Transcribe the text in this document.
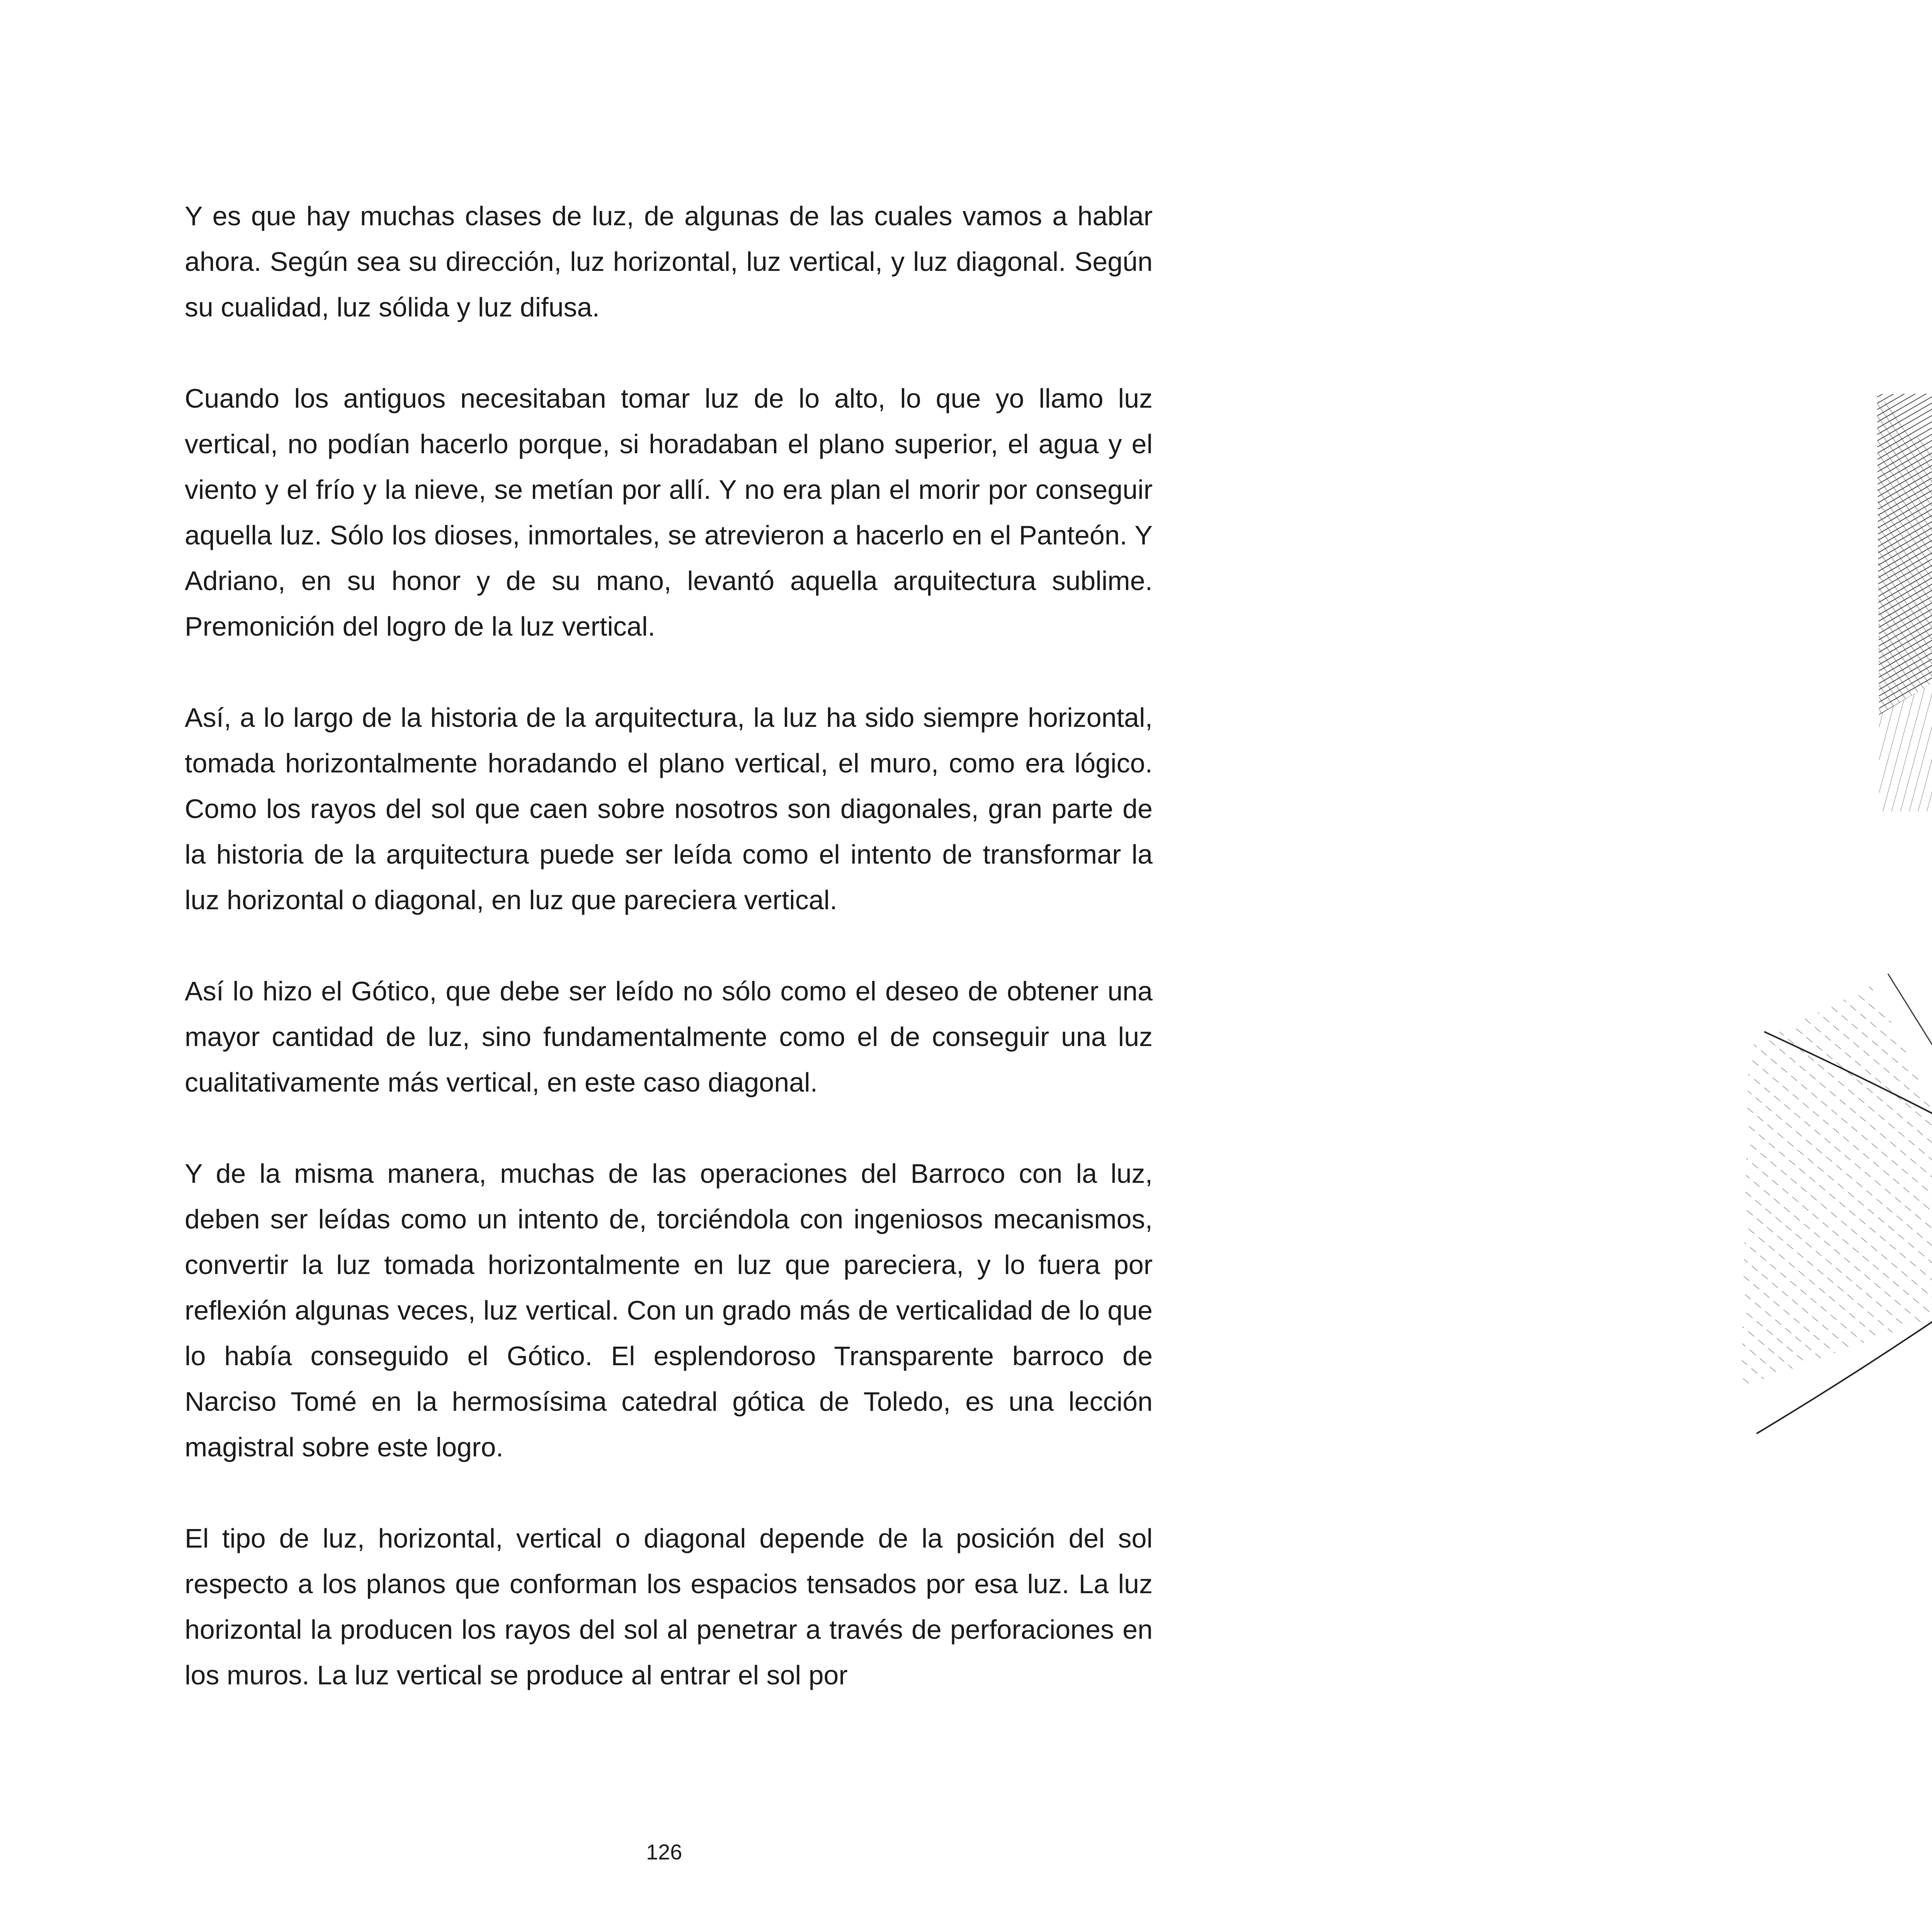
Y es que hay muchas clases de luz, de algunas de las cuales vamos a hablar ahora. Según sea su dirección, luz horizontal, luz vertical, y luz diagonal. Según su cualidad, luz sólida y luz difusa.

Cuando los antiguos necesitaban tomar luz de lo alto, lo que yo llamo luz vertical, no podían hacerlo porque, si horadaban el plano superior, el agua y el viento y el frío y la nieve, se metían por allí. Y no era plan el morir por conseguir aquella luz. Sólo los dioses, inmortales, se atrevieron a hacerlo en el Panteón. Y Adriano, en su honor y de su mano, levantó aquella arquitectura sublime. Premonición del logro de la luz vertical.

Así, a lo largo de la historia de la arquitectura, la luz ha sido siempre horizontal, tomada horizontalmente horadando el plano vertical, el muro, como era lógico. Como los rayos del sol que caen sobre nosotros son diagonales, gran parte de la historia de la arquitectura puede ser leída como el intento de transformar la luz horizontal o diagonal, en luz que pareciera vertical.

Así lo hizo el Gótico, que debe ser leído no sólo como el deseo de obtener una mayor cantidad de luz, sino fundamentalmente como el de conseguir una luz cualitativamente más vertical, en este caso diagonal.

Y de la misma manera, muchas de las operaciones del Barroco con la luz, deben ser leídas como un intento de, torciéndola con ingeniosos mecanismos, convertir la luz tomada horizontalmente en luz que pareciera, y lo fuera por reflexión algunas veces, luz vertical. Con un grado más de verticalidad de lo que lo había conseguido el Gótico. El esplendoroso Transparente barroco de Narciso Tomé en la hermosísima catedral gótica de Toledo, es una lección magistral sobre este logro.

El tipo de luz, horizontal, vertical o diagonal depende de la posición del sol respecto a los planos que conforman los espacios tensados por esa luz. La luz horizontal la producen los rayos del sol al penetrar a través de perforaciones en los muros. La luz vertical se produce al entrar el sol por

126
